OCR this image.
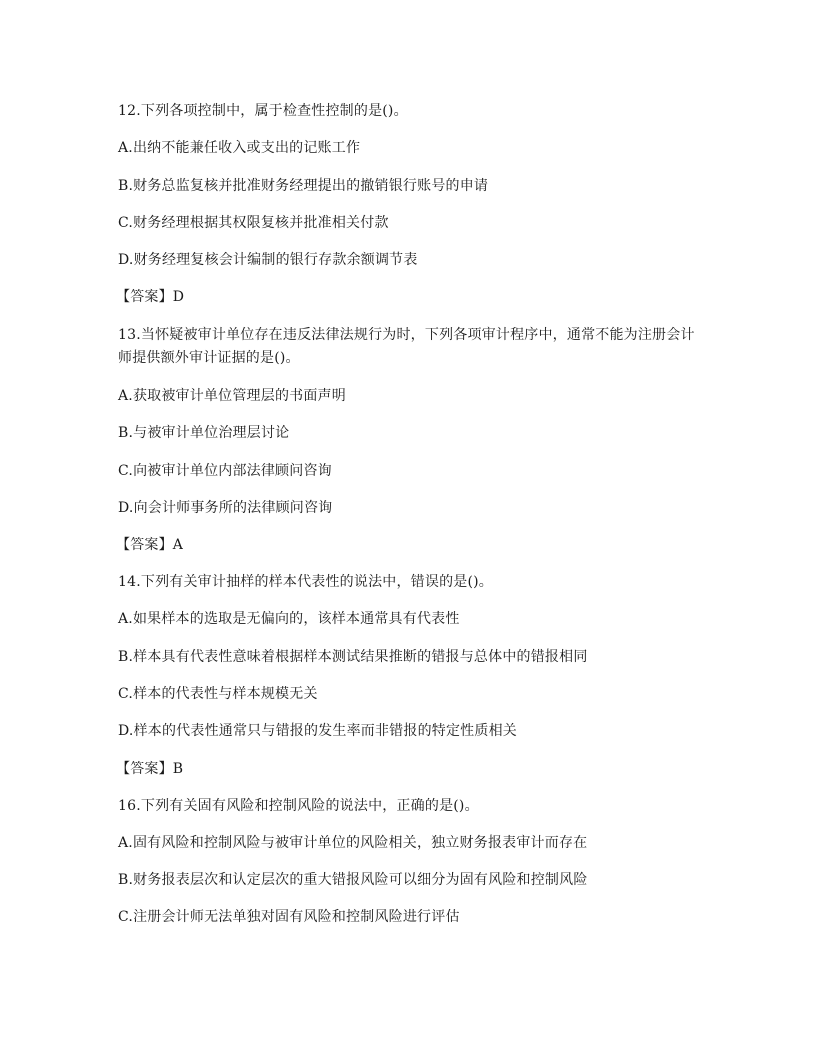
12.下列各项控制中，属于检查性控制的是()。
A.出纳不能兼任收入或支出的记账工作
B.财务总监复核并批准财务经理提出的撤销银行账号的申请
C.财务经理根据其权限复核并批准相关付款
D.财务经理复核会计编制的银行存款余额调节表
【答案】D
13.当怀疑被审计单位存在违反法律法规行为时，下列各项审计程序中，通常不能为注册会计
师提供额外审计证据的是()。
A.获取被审计单位管理层的书面声明
B.与被审计单位治理层讨论
C.向被审计单位内部法律顾问咨询
D.向会计师事务所的法律顾问咨询
【答案】A
14.下列有关审计抽样的样本代表性的说法中，错误的是()。
A.如果样本的选取是无偏向的，该样本通常具有代表性
B.样本具有代表性意味着根据样本测试结果推断的错报与总体中的错报相同
C.样本的代表性与样本规模无关
D.样本的代表性通常只与错报的发生率而非错报的特定性质相关
【答案】B
16.下列有关固有风险和控制风险的说法中，正确的是()。
A.固有风险和控制风险与被审计单位的风险相关，独立财务报表审计而存在
B.财务报表层次和认定层次的重大错报风险可以细分为固有风险和控制风险
C.注册会计师无法单独对固有风险和控制风险进行评估
